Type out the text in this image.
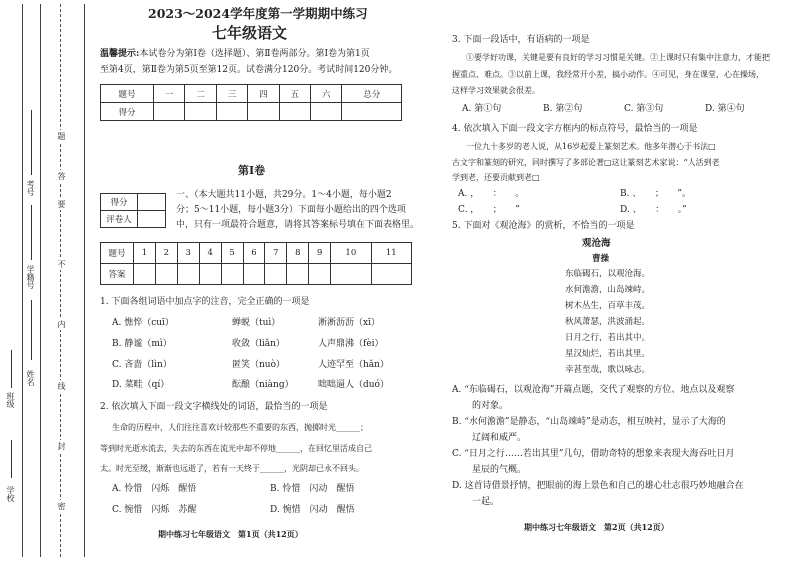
学校
班级
姓名
学籍号
考号
密
封
线
内
不
要
答
题
2023～2024学年度第一学期期中练习
七年级语文
温馨提示:本试卷分为第Ⅰ卷（选择题）、第Ⅱ卷两部分。第Ⅰ卷为第1页
至第4页，第Ⅱ卷为第5页至第12页。试卷满分120分。考试时间120分钟。
题号	一	二	三	四	五	六	总分
得分							
第Ⅰ卷
得分	
评卷人	
一、（本大题共11小题，共29分。1～4小题，每小题2
分；5～11小题，每小题3分）下面每小题给出的四个选项
中，只有一项最符合题意，请将其答案标号填在下面表格里。
题号	1	2	3	4	5	6	7	8	9	10	11
答案											
1. 下面各组词语中加点字的注音，完全正确的一项是
A. 憔悴（cuī）	蝉蜕（tuì）	淅淅沥沥（xī）
B. 静谧（mì）	收敛（liǎn）	人声鼎沸（fèi）
C. 吝啬（lìn）	匿笑（nuò）	人迹罕至（hǎn）
D. 菜畦（qí）	酝酿（niàng）	咄咄逼人（duó）
2. 依次填入下面一段文字横线处的词语，最恰当的一项是
生命的历程中，人们往往喜欢计较那些不重要的东西，抛掷时光______；
等到时光逝水流去，失去的东西在流光中却不停地______，在回忆里活成自己
太。时光至缓，渐渐也远逝了，若有一天终于______，光阴却已永不回头。
A. 怜惜　 闪烁　 醒悟	B. 怜惜　 闪动　 醒悟
C. 惋惜　 闪烁　 苏醒	D. 惋惜　 闪动　 醒悟
期中练习七年级语文　第1页（共12页）
3. 下面一段话中，有语病的一项是
①要学好功课，关键是要有良好的学习习惯是关键。②上课时只有集中注意力，才能把
握重点、难点。③以前上课，我经常开小差，搞小动作。④可见，身在课堂，心在操场，
这样学习效果就会很差。
A. 第①句	B. 第②句	C. 第③句	D. 第④句
4. 依次填入下面一段文字方框内的标点符号，最恰当的一项是
一位九十多岁的老人说，从16岁起爱上篆刻艺术。他多年潜心于书法□
古文字和篆刻的研究，同时撰写了多部论著□这让篆刻艺术家说：“人活到老
学到老，还要贡献到老□
A. ，　　：　　。	B. 、　　；　　”。
C. ，　　；　　”	D. 、　　：　　。”
5. 下面对《观沧海》的赏析，不恰当的一项是
观沧海
曹操
东临碣石，以观沧海。
水何澹澹，山岛竦峙。
树木丛生，百草丰茂。
秋风萧瑟，洪波涌起。
日月之行，若出其中。
星汉灿烂，若出其里。
幸甚至哉，歌以咏志。
A. “东临碣石，以观沧海”开篇点题，交代了观察的方位、地点以及观察
的对象。
B. “水何澹澹”是静态，“山岛竦峙”是动态，相互映衬，显示了大海的
辽阔和威严。
C. “日月之行……若出其里”几句，借助奇特的想象来表现大海吞吐日月
星辰的气概。
D. 这首诗借景抒情，把眼前的海上景色和自己的雄心壮志很巧妙地融合在
一起。
期中练习七年级语文　第2页（共12页）
